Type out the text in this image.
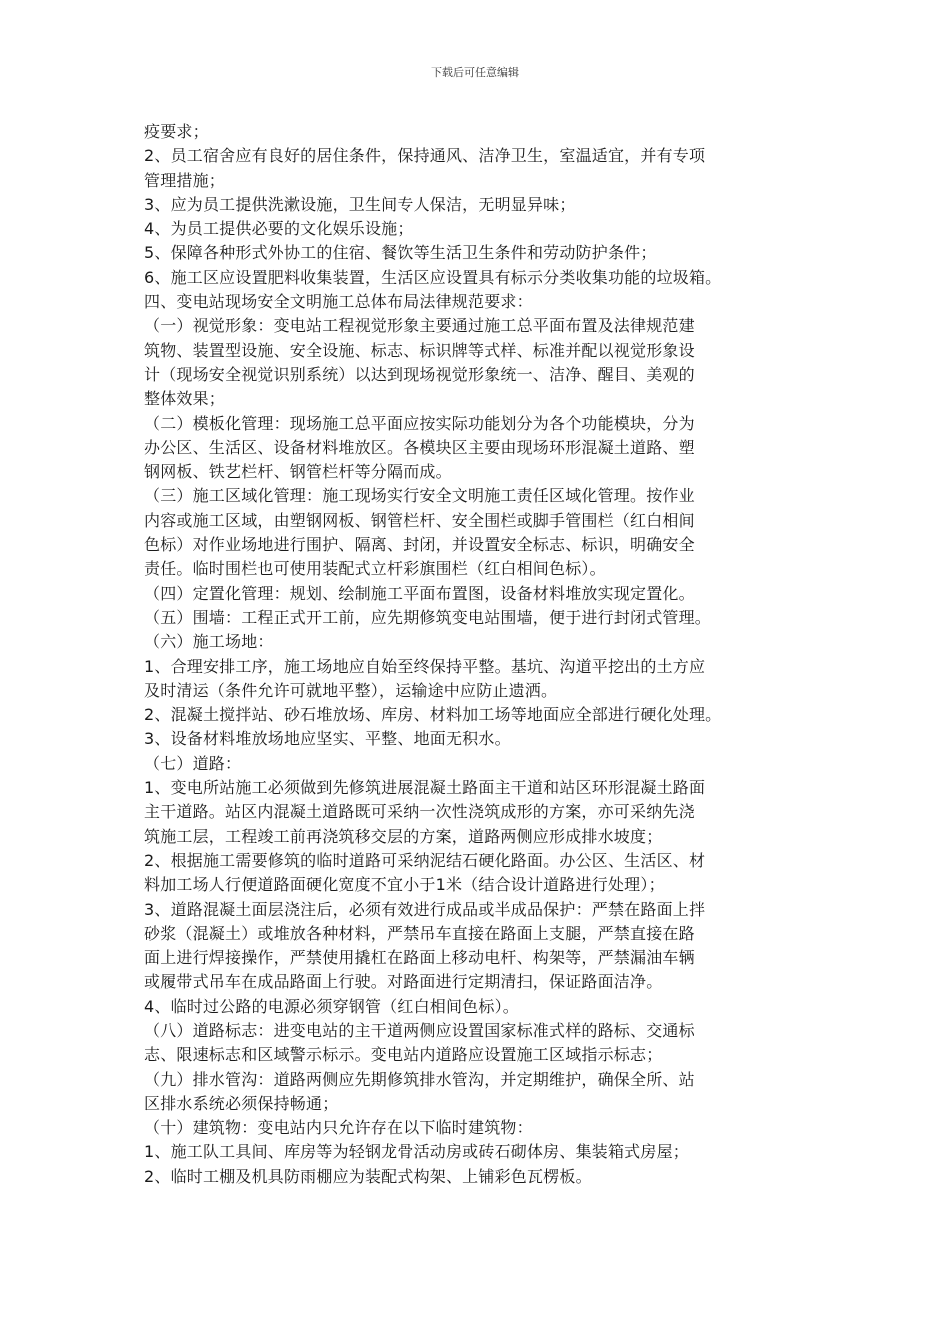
下载后可任意编辑
疫要求；
2、员工宿舍应有良好的居住条件，保持通风、洁净卫生，室温适宜，并有专项
管理措施；
3、应为员工提供洗漱设施，卫生间专人保洁，无明显异味；
4、为员工提供必要的文化娱乐设施；
5、保障各种形式外协工的住宿、餐饮等生活卫生条件和劳动防护条件；
6、施工区应设置肥料收集装置，生活区应设置具有标示分类收集功能的垃圾箱。
四、变电站现场安全文明施工总体布局法律规范要求：
（一）视觉形象：变电站工程视觉形象主要通过施工总平面布置及法律规范建
筑物、装置型设施、安全设施、标志、标识牌等式样、标准并配以视觉形象设
计（现场安全视觉识别系统）以达到现场视觉形象统一、洁净、醒目、美观的
整体效果；
（二）模板化管理：现场施工总平面应按实际功能划分为各个功能模块，分为
办公区、生活区、设备材料堆放区。各模块区主要由现场环形混凝土道路、塑
钢网板、铁艺栏杆、钢管栏杆等分隔而成。
（三）施工区域化管理：施工现场实行安全文明施工责任区域化管理。按作业
内容或施工区域，由塑钢网板、钢管栏杆、安全围栏或脚手管围栏（红白相间
色标）对作业场地进行围护、隔离、封闭，并设置安全标志、标识，明确安全
责任。临时围栏也可使用装配式立杆彩旗围栏（红白相间色标）。
（四）定置化管理：规划、绘制施工平面布置图，设备材料堆放实现定置化。
（五）围墙：工程正式开工前，应先期修筑变电站围墙，便于进行封闭式管理。
（六）施工场地：
1、合理安排工序，施工场地应自始至终保持平整。基坑、沟道平挖出的土方应
及时清运（条件允许可就地平整），运输途中应防止遗洒。
2、混凝土搅拌站、砂石堆放场、库房、材料加工场等地面应全部进行硬化处理。
3、设备材料堆放场地应坚实、平整、地面无积水。
（七）道路：
1、变电所站施工必须做到先修筑进展混凝土路面主干道和站区环形混凝土路面
主干道路。站区内混凝土道路既可采纳一次性浇筑成形的方案，亦可采纳先浇
筑施工层，工程竣工前再浇筑移交层的方案，道路两侧应形成排水坡度；
2、根据施工需要修筑的临时道路可采纳泥结石硬化路面。办公区、生活区、材
料加工场人行便道路面硬化宽度不宜小于1米（结合设计道路进行处理）；
3、道路混凝土面层浇注后，必须有效进行成品或半成品保护：严禁在路面上拌
砂浆（混凝土）或堆放各种材料，严禁吊车直接在路面上支腿，严禁直接在路
面上进行焊接操作，严禁使用撬杠在路面上移动电杆、构架等，严禁漏油车辆
或履带式吊车在成品路面上行驶。对路面进行定期清扫，保证路面洁净。
4、临时过公路的电源必须穿钢管（红白相间色标）。
（八）道路标志：进变电站的主干道两侧应设置国家标准式样的路标、交通标
志、限速标志和区域警示标示。变电站内道路应设置施工区域指示标志；
（九）排水管沟：道路两侧应先期修筑排水管沟，并定期维护，确保全所、站
区排水系统必须保持畅通；
（十）建筑物：变电站内只允许存在以下临时建筑物：
1、施工队工具间、库房等为轻钢龙骨活动房或砖石砌体房、集装箱式房屋；
2、临时工棚及机具防雨棚应为装配式构架、上铺彩色瓦楞板。
